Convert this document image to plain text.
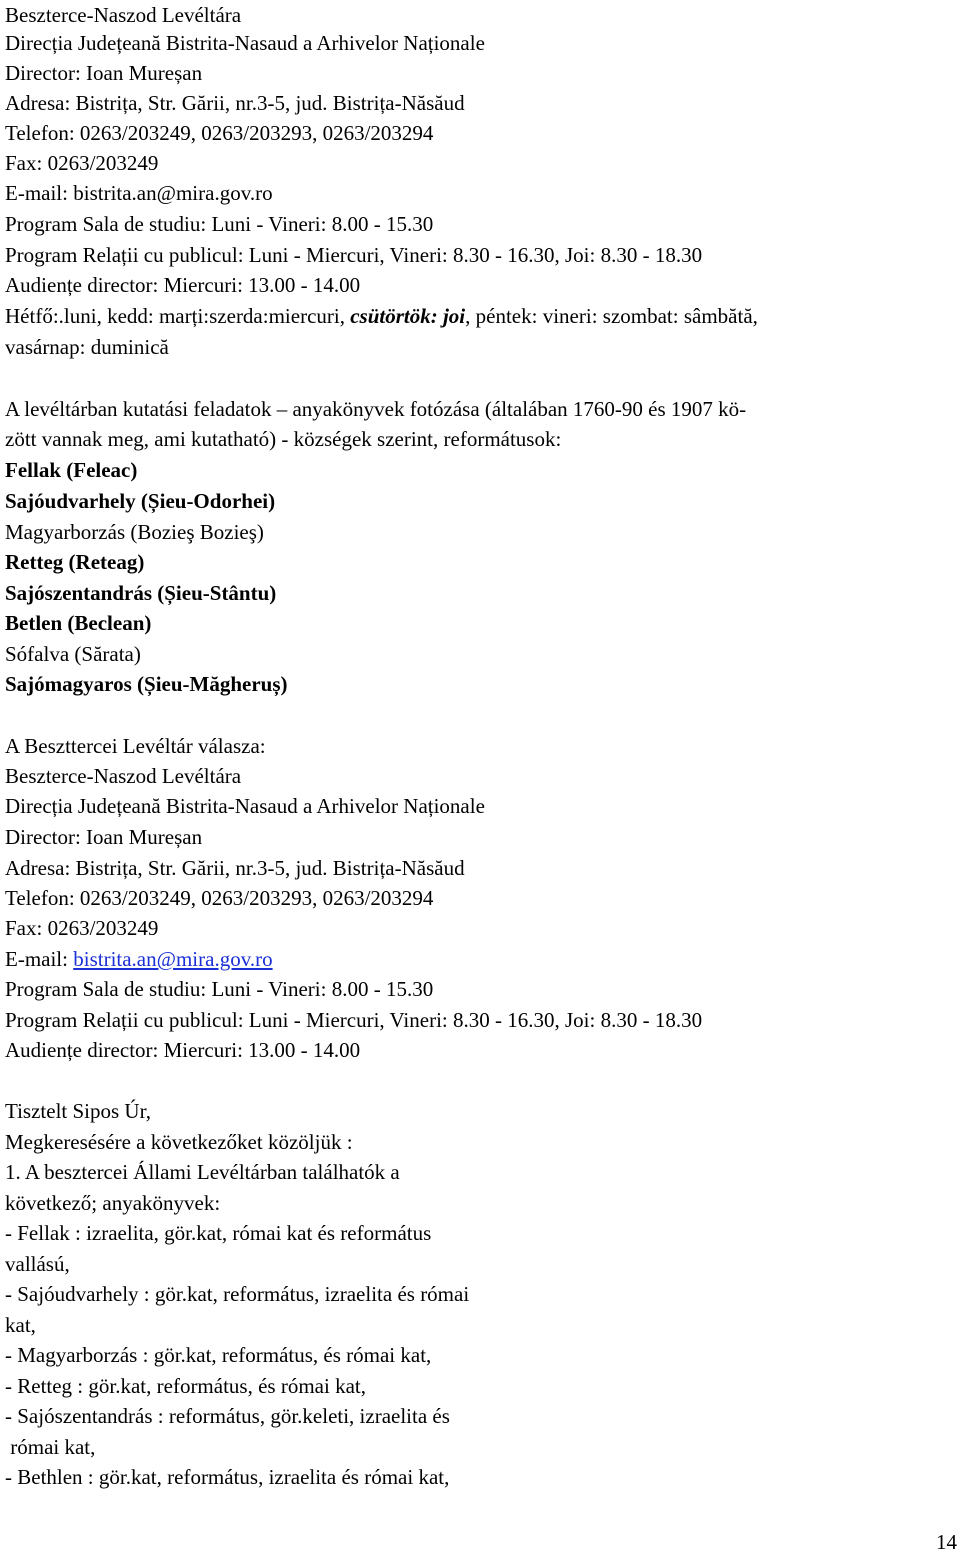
Beszterce-Naszod Levéltára
Direcția Județeană Bistrita-Nasaud a Arhivelor Naționale
Director: Ioan Mureșan
Adresa: Bistrița, Str. Gării, nr.3-5, jud. Bistrița-Năsăud
Telefon: 0263/203249, 0263/203293, 0263/203294
Fax: 0263/203249
E-mail: bistrita.an@mira.gov.ro
Program Sala de studiu: Luni - Vineri: 8.00 - 15.30
Program Relații cu publicul: Luni - Miercuri, Vineri: 8.30 - 16.30, Joi: 8.30 - 18.30
Audiențe director: Miercuri: 13.00 - 14.00
Hétfő:.luni, kedd: marți:szerda:miercuri, csütörtök: joi, péntek: vineri: szombat: sâmbătă,
vasárnap: duminică
A levéltárban kutatási feladatok – anyakönyvek fotózása (általában 1760-90 és 1907 kö-
zött vannak meg, ami kutatható) - községek szerint, reformátusok:
Fellak (Feleac)
Sajóudvarhely (Șieu-Odorhei)
Magyarborzás (Bozieş Bozieş)
Retteg (Reteag)
Sajószentandrás (Șieu-Stântu)
Betlen (Beclean)
Sófalva (Sărata)
Sajómagyaros (Șieu-Măgheruș)
A Beszttercei Levéltár válasza:
Beszterce-Naszod Levéltára
Direcția Județeană Bistrita-Nasaud a Arhivelor Naționale
Director: Ioan Mureșan
Adresa: Bistrița, Str. Gării, nr.3-5, jud. Bistrița-Năsăud
Telefon: 0263/203249, 0263/203293, 0263/203294
Fax: 0263/203249
E-mail: bistrita.an@mira.gov.ro
Program Sala de studiu: Luni - Vineri: 8.00 - 15.30
Program Relații cu publicul: Luni - Miercuri, Vineri: 8.30 - 16.30, Joi: 8.30 - 18.30
Audiențe director: Miercuri: 13.00 - 14.00
Tisztelt Sipos Úr,
Megkeresésére a következőket közöljük :
1. A besztercei Állami Levéltárban találhatók a
következő; anyakönyvek:
- Fellak : izraelita, gör.kat, római kat és református
vallású,
- Sajóudvarhely : gör.kat, református, izraelita és római
kat,
- Magyarborzás : gör.kat, református, és római kat,
- Retteg : gör.kat, református, és római kat,
- Sajószentandrás : református, gör.keleti, izraelita és
római kat,
- Bethlen : gör.kat, református, izraelita és római kat,
14
